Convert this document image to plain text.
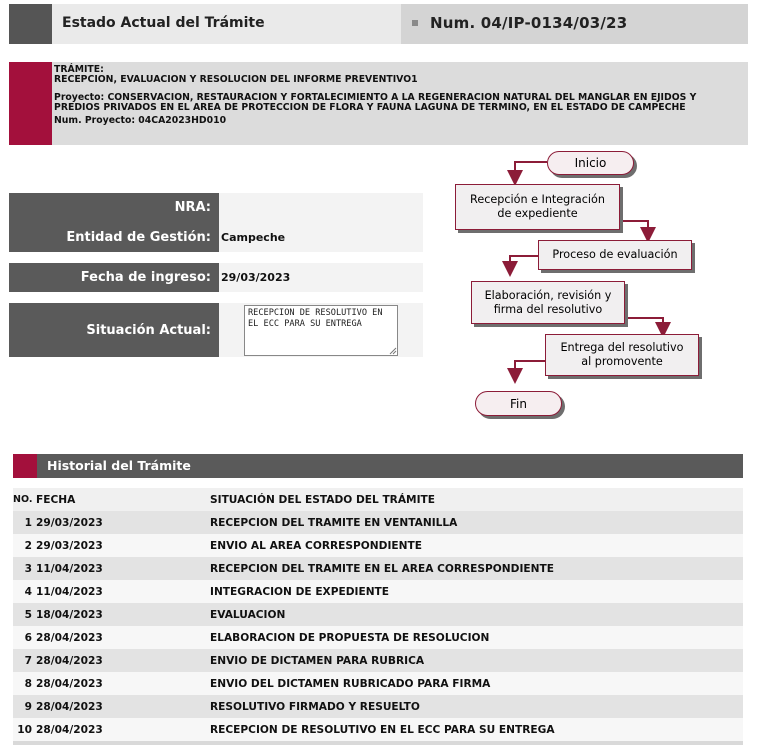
Estado Actual del Trámite	Num. 04/IP-0134/03/23

TRÁMITE:

RECEPCION, EVALUACION Y RESOLUCION DEL INFORME PREVENTIVO1

Proyecto: CONSERVACION, RESTAURACION Y FORTALECIMIENTO A LA REGENERACION NATURAL DEL MANGLAR EN EJIDOS Y PREDIOS PRIVADOS EN EL AREA DE PROTECCION DE FLORA Y FAUNA LAGUNA DE TERMINO, EN EL ESTADO DE CAMPECHE

Num. Proyecto: 04CA2023HD010

NRA:
Entidad de Gestión: Campeche
Fecha de ingreso: 29/03/2023
Situación Actual:
RECEPCION DE RESOLUTIVO EN EL ECC PARA SU ENTREGA
Inicio
Recepción e Integración de expediente
Proceso de evaluación
Elaboración, revisión y firma del resolutivo
Entrega del resolutivo al promovente
Fin
Historial del Trámite
NO. FECHA	SITUACIÓN DEL ESTADO DEL TRÁMITE
1 29/03/2023	RECEPCION DEL TRAMITE EN VENTANILLA
2 29/03/2023	ENVIO AL AREA CORRESPONDIENTE
3 11/04/2023	RECEPCION DEL TRAMITE EN EL AREA CORRESPONDIENTE
4 11/04/2023	INTEGRACION DE EXPEDIENTE
5 18/04/2023	EVALUACION
6 28/04/2023	ELABORACION DE PROPUESTA DE RESOLUCION
7 28/04/2023	ENVIO DE DICTAMEN PARA RUBRICA
8 28/04/2023	ENVIO DEL DICTAMEN RUBRICADO PARA FIRMA
9 28/04/2023	RESOLUTIVO FIRMADO Y RESUELTO
10 28/04/2023	RECEPCION DE RESOLUTIVO EN EL ECC PARA SU ENTREGA
